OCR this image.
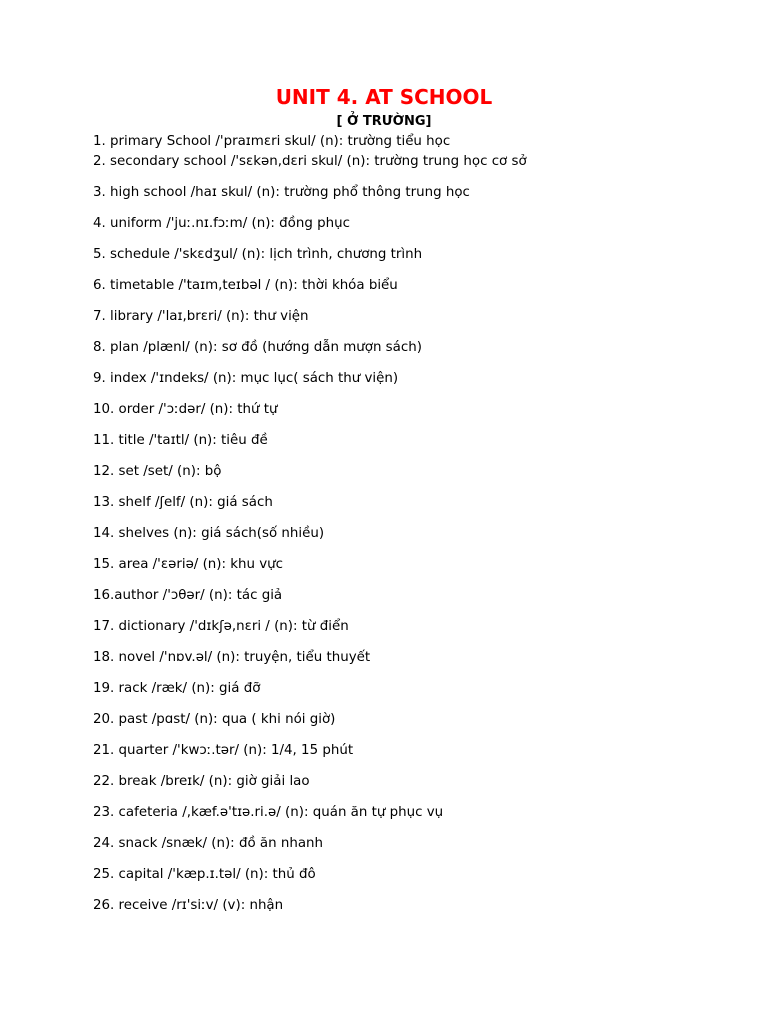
UNIT 4. AT SCHOOL
[ Ở TRƯỜNG]
1. primary School /'praɪmɛri skul/ (n): trường tiểu học
2. secondary school /'sɛkən,dɛri skul/ (n): trường trung học cơ sở
3. high school /haɪ skul/ (n): trường phổ thông trung học
4. uniform /'juː.nɪ.fɔːm/ (n): đồng phục
5. schedule /'skɛdʒul/ (n): lịch trình, chương trình
6. timetable /'taɪm,teɪbəl / (n): thời khóa biểu
7. library /'laɪ,brɛri/ (n): thư viện
8. plan /plænl/ (n): sơ đồ (hướng dẫn mượn sách)
9. index /'ɪndeks/ (n): mục lục( sách thư viện)
10. order /'ɔːdər/ (n): thứ tự
11. title /'taɪtl/ (n): tiêu đề
12. set /set/ (n): bộ
13. shelf /ʃelf/ (n): giá sách
14. shelves (n): giá sách(số nhiều)
15. area /'ɛəriə/ (n): khu vực
16.author /'ɔθər/ (n): tác giả
17. dictionary /'dɪkʃə,nɛri / (n): từ điển
18. novel /'nɒv.əl/ (n): truyện, tiểu thuyết
19. rack /ræk/ (n): giá đỡ
20. past /pɑst/ (n): qua ( khi nói giờ)
21. quarter /'kwɔː.tər/ (n): 1/4, 15 phút
22. break /breɪk/ (n): giờ giải lao
23. cafeteria /,kæf.ə'tɪə.ri.ə/ (n): quán ăn tự phục vụ
24. snack /snæk/ (n): đồ ăn nhanh
25. capital /'kæp.ɪ.təl/ (n): thủ đô
26. receive /rɪ'siːv/ (v): nhận
